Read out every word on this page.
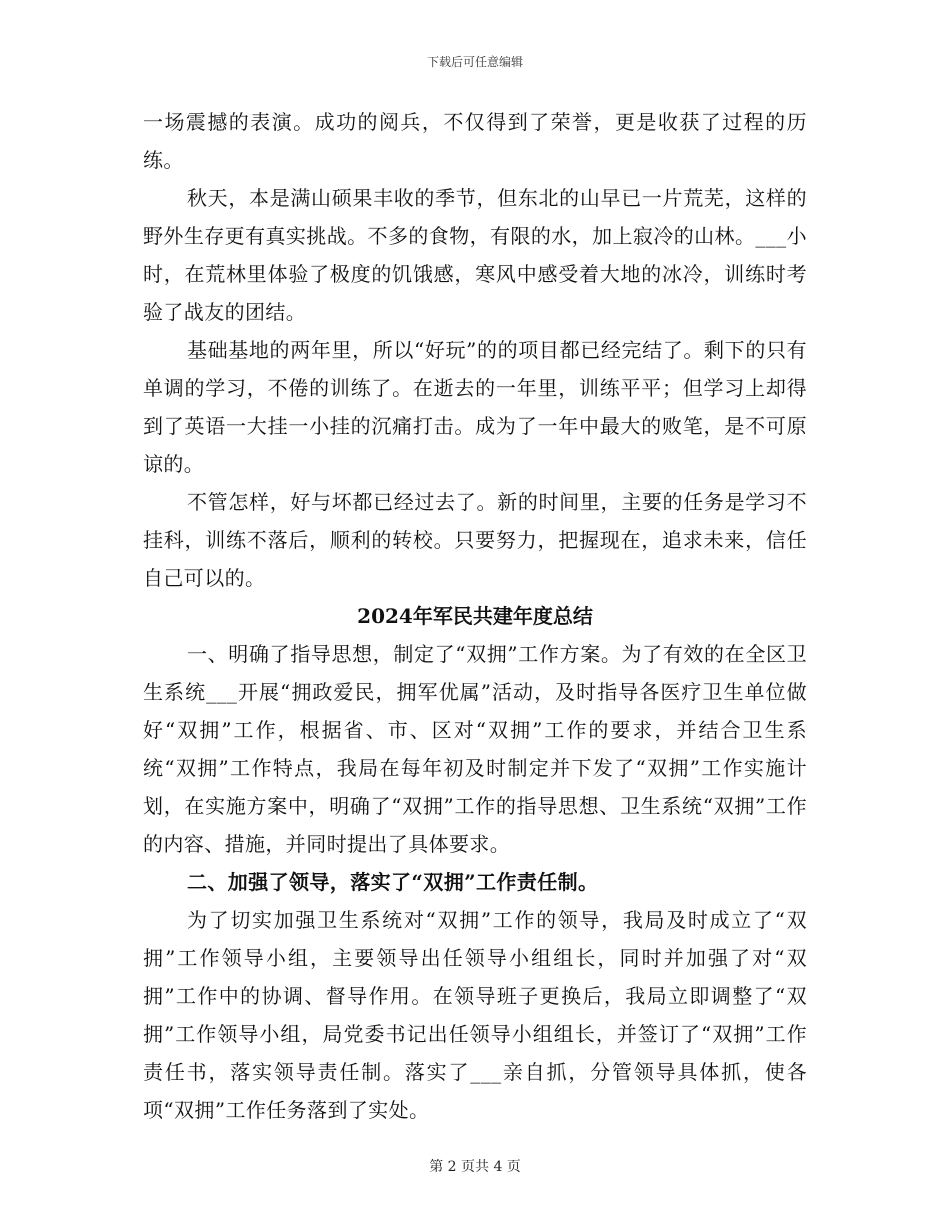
下载后可任意编辑

一场震撼的表演。成功的阅兵，不仅得到了荣誉，更是收获了过程的历练。

秋天，本是满山硕果丰收的季节，但东北的山早已一片荒芜，这样的野外生存更有真实挑战。不多的食物，有限的水，加上寂冷的山林。___小时，在荒林里体验了极度的饥饿感，寒风中感受着大地的冰冷，训练时考验了战友的团结。

基础基地的两年里，所以“好玩”的的项目都已经完结了。剩下的只有单调的学习，不倦的训练了。在逝去的一年里，训练平平；但学习上却得到了英语一大挂一小挂的沉痛打击。成为了一年中最大的败笔，是不可原谅的。

不管怎样，好与坏都已经过去了。新的时间里，主要的任务是学习不挂科，训练不落后，顺利的转校。只要努力，把握现在，追求未来，信任自己可以的。

2024年军民共建年度总结

一、明确了指导思想，制定了“双拥”工作方案。为了有效的在全区卫生系统___开展“拥政爱民，拥军优属”活动，及时指导各医疗卫生单位做好“双拥”工作，根据省、市、区对“双拥”工作的要求，并结合卫生系统“双拥”工作特点，我局在每年初及时制定并下发了“双拥”工作实施计划，在实施方案中，明确了“双拥”工作的指导思想、卫生系统“双拥”工作的内容、措施，并同时提出了具体要求。

二、加强了领导，落实了“双拥”工作责任制。

为了切实加强卫生系统对“双拥”工作的领导，我局及时成立了“双拥”工作领导小组，主要领导出任领导小组组长，同时并加强了对“双拥”工作中的协调、督导作用。在领导班子更换后，我局立即调整了“双拥”工作领导小组，局党委书记出任领导小组组长，并签订了“双拥”工作责任书，落实领导责任制。落实了___亲自抓，分管领导具体抓，使各项“双拥”工作任务落到了实处。

第 2 页共 4 页
